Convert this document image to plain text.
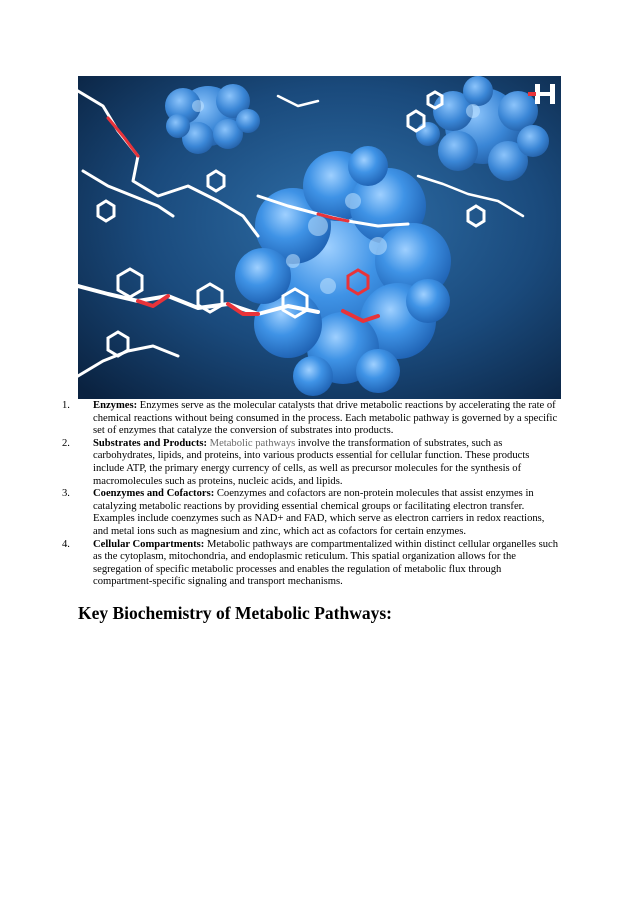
1. Enzymes: Enzymes serve as the molecular catalysts that drive metabolic reactions by accelerating the rate of chemical reactions without being consumed in the process. Each metabolic pathway is governed by a specific set of enzymes that catalyze the conversion of substrates into products.
2. Substrates and Products: Metabolic pathways involve the transformation of substrates, such as carbohydrates, lipids, and proteins, into various products essential for cellular function. These products include ATP, the primary energy currency of cells, as well as precursor molecules for the synthesis of macromolecules such as proteins, nucleic acids, and lipids.
3. Coenzymes and Cofactors: Coenzymes and cofactors are non-protein molecules that assist enzymes in catalyzing metabolic reactions by providing essential chemical groups or facilitating electron transfer. Examples include coenzymes such as NAD+ and FAD, which serve as electron carriers in redox reactions, and metal ions such as magnesium and zinc, which act as cofactors for certain enzymes.
4. Cellular Compartments: Metabolic pathways are compartmentalized within distinct cellular organelles such as the cytoplasm, mitochondria, and endoplasmic reticulum. This spatial organization allows for the segregation of specific metabolic processes and enables the regulation of metabolic flux through compartment-specific signaling and transport mechanisms.
Key Biochemistry of Metabolic Pathways:
